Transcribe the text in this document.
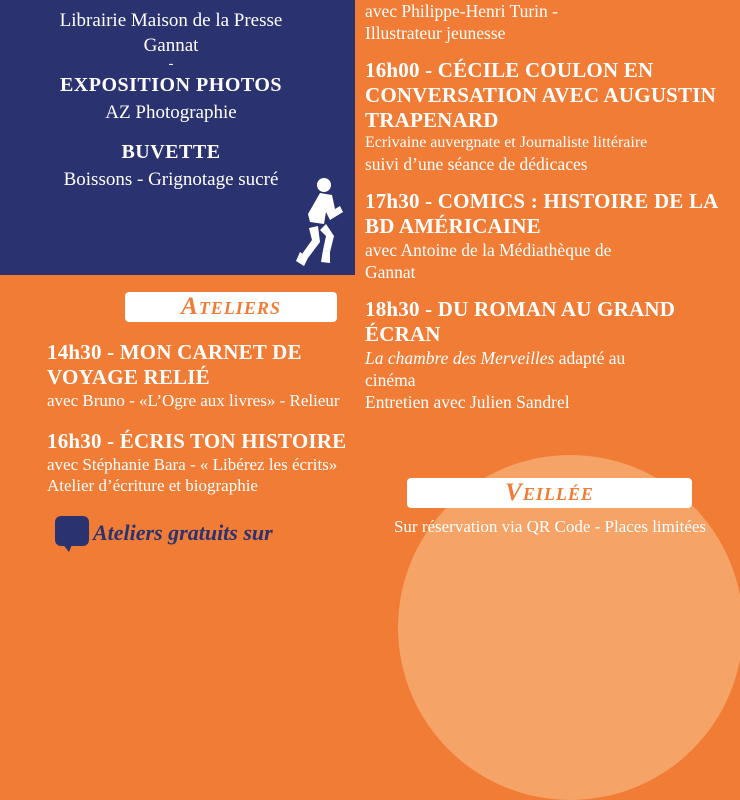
Librairie Maison de la Presse
Gannat
-
EXPOSITION PHOTOS
AZ Photographie
BUVETTE
Boissons - Grignotage sucré
Ateliers
14h30 - MON CARNET DE VOYAGE RELIÉ
avec Bruno - «L’Ogre aux livres» - Relieur
16h30 - ÉCRIS TON HISTOIRE
avec Stéphanie Bara - « Libérez les écrits»
Atelier d’écriture et biographie
Ateliers gratuits sur
avec Philippe-Henri Turin -
Illustrateur jeunesse
16h00 - CÉCILE COULON EN
CONVERSATION AVEC AUGUSTIN
TRAPENARD
Ecrivaine auvergnate et Journaliste littéraire
suivi d’une séance de dédicaces
17h30 - COMICS : HISTOIRE DE LA
BD AMÉRICAINE
avec Antoine de la Médiathèque de
Gannat
18h30 - DU ROMAN AU GRAND
ÉCRAN
La chambre des Merveilles adapté au
cinéma
Entretien avec Julien Sandrel
Veillée
Sur réservation via QR Code - Places limitées
